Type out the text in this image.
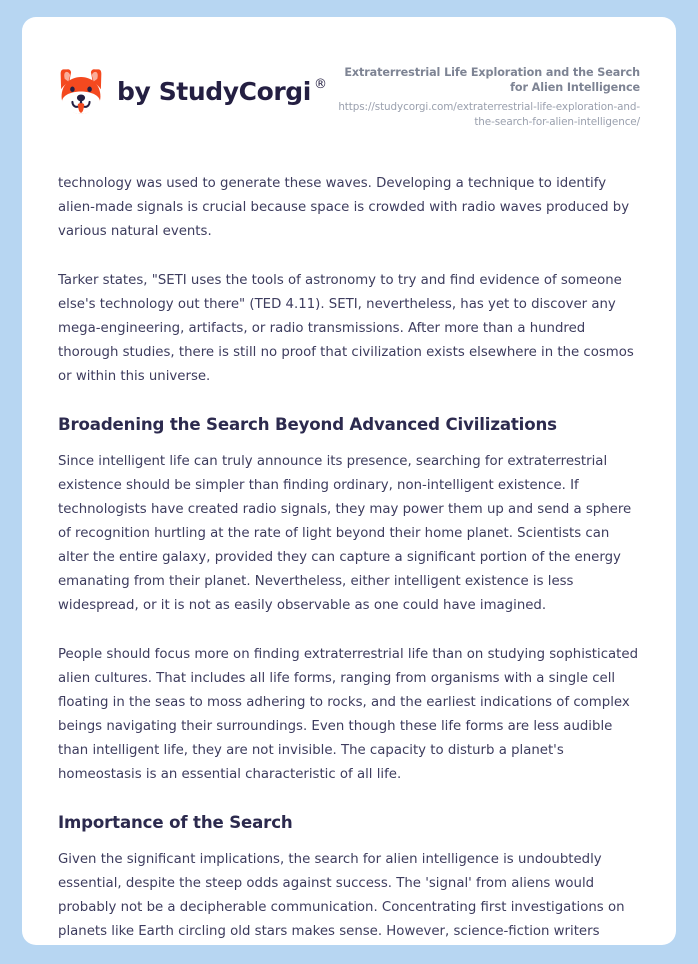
by StudyCorgi ®

Extraterrestrial Life Exploration and the Search for Alien Intelligence

https://studycorgi.com/extraterrestrial-life-exploration-and-the-search-for-alien-intelligence/

technology was used to generate these waves. Developing a technique to identify alien-made signals is crucial because space is crowded with radio waves produced by various natural events.

Tarker states, "SETI uses the tools of astronomy to try and find evidence of someone else's technology out there" (TED 4.11). SETI, nevertheless, has yet to discover any mega-engineering, artifacts, or radio transmissions. After more than a hundred thorough studies, there is still no proof that civilization exists elsewhere in the cosmos or within this universe.

Broadening the Search Beyond Advanced Civilizations

Since intelligent life can truly announce its presence, searching for extraterrestrial existence should be simpler than finding ordinary, non-intelligent existence. If technologists have created radio signals, they may power them up and send a sphere of recognition hurtling at the rate of light beyond their home planet. Scientists can alter the entire galaxy, provided they can capture a significant portion of the energy emanating from their planet. Nevertheless, either intelligent existence is less widespread, or it is not as easily observable as one could have imagined.

People should focus more on finding extraterrestrial life than on studying sophisticated alien cultures. That includes all life forms, ranging from organisms with a single cell floating in the seas to moss adhering to rocks, and the earliest indications of complex beings navigating their surroundings. Even though these life forms are less audible than intelligent life, they are not invisible. The capacity to disturb a planet's homeostasis is an essential characteristic of all life.

Importance of the Search

Given the significant implications, the search for alien intelligence is undoubtedly essential, despite the steep odds against success. The 'signal' from aliens would probably not be a decipherable communication. Concentrating first investigations on planets like Earth circling old stars makes sense. However, science-fiction writers
